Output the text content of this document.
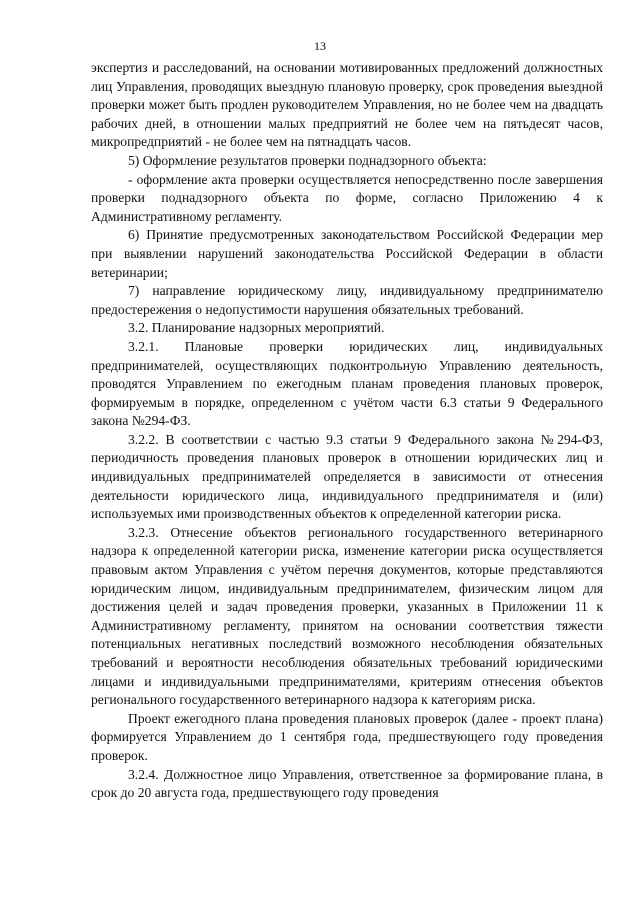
13

экспертиз и расследований, на основании мотивированных предложений должностных лиц Управления, проводящих выездную плановую проверку, срок проведения выездной проверки может быть продлен руководителем Управления, но не более чем на двадцать рабочих дней, в отношении малых предприятий не более чем на пятьдесят часов, микропредприятий - не более чем на пятнадцать часов.

5) Оформление результатов проверки поднадзорного объекта:

- оформление акта проверки осуществляется непосредственно после завершения проверки поднадзорного объекта по форме, согласно Приложению 4 к Административному регламенту.

6) Принятие предусмотренных законодательством Российской Федерации мер при выявлении нарушений законодательства Российской Федерации в области ветеринарии;

7) направление юридическому лицу, индивидуальному предпринимателю предостережения о недопустимости нарушения обязательных требований.

3.2. Планирование надзорных мероприятий.

3.2.1. Плановые проверки юридических лиц, индивидуальных предпринимателей, осуществляющих подконтрольную Управлению деятельность, проводятся Управлением по ежегодным планам проведения плановых проверок, формируемым в порядке, определенном с учётом части 6.3 статьи 9 Федерального закона №294-ФЗ.

3.2.2. В соответствии с частью 9.3 статьи 9 Федерального закона №294-ФЗ, периодичность проведения плановых проверок в отношении юридических лиц и индивидуальных предпринимателей определяется в зависимости от отнесения деятельности юридического лица, индивидуального предпринимателя и (или) используемых ими производственных объектов к определенной категории риска.

3.2.3. Отнесение объектов регионального государственного ветеринарного надзора к определенной категории риска, изменение категории риска осуществляется правовым актом Управления с учётом перечня документов, которые представляются юридическим лицом, индивидуальным предпринимателем, физическим лицом для достижения целей и задач проведения проверки, указанных в Приложении 11 к Административному регламенту, принятом на основании соответствия тяжести потенциальных негативных последствий возможного несоблюдения обязательных требований и вероятности несоблюдения обязательных требований юридическими лицами и индивидуальными предпринимателями, критериям отнесения объектов регионального государственного ветеринарного надзора к категориям риска.

Проект ежегодного плана проведения плановых проверок (далее - проект плана) формируется Управлением до 1 сентября года, предшествующего году проведения проверок.

3.2.4. Должностное лицо Управления, ответственное за формирование плана, в срок до 20 августа года, предшествующего году проведения
